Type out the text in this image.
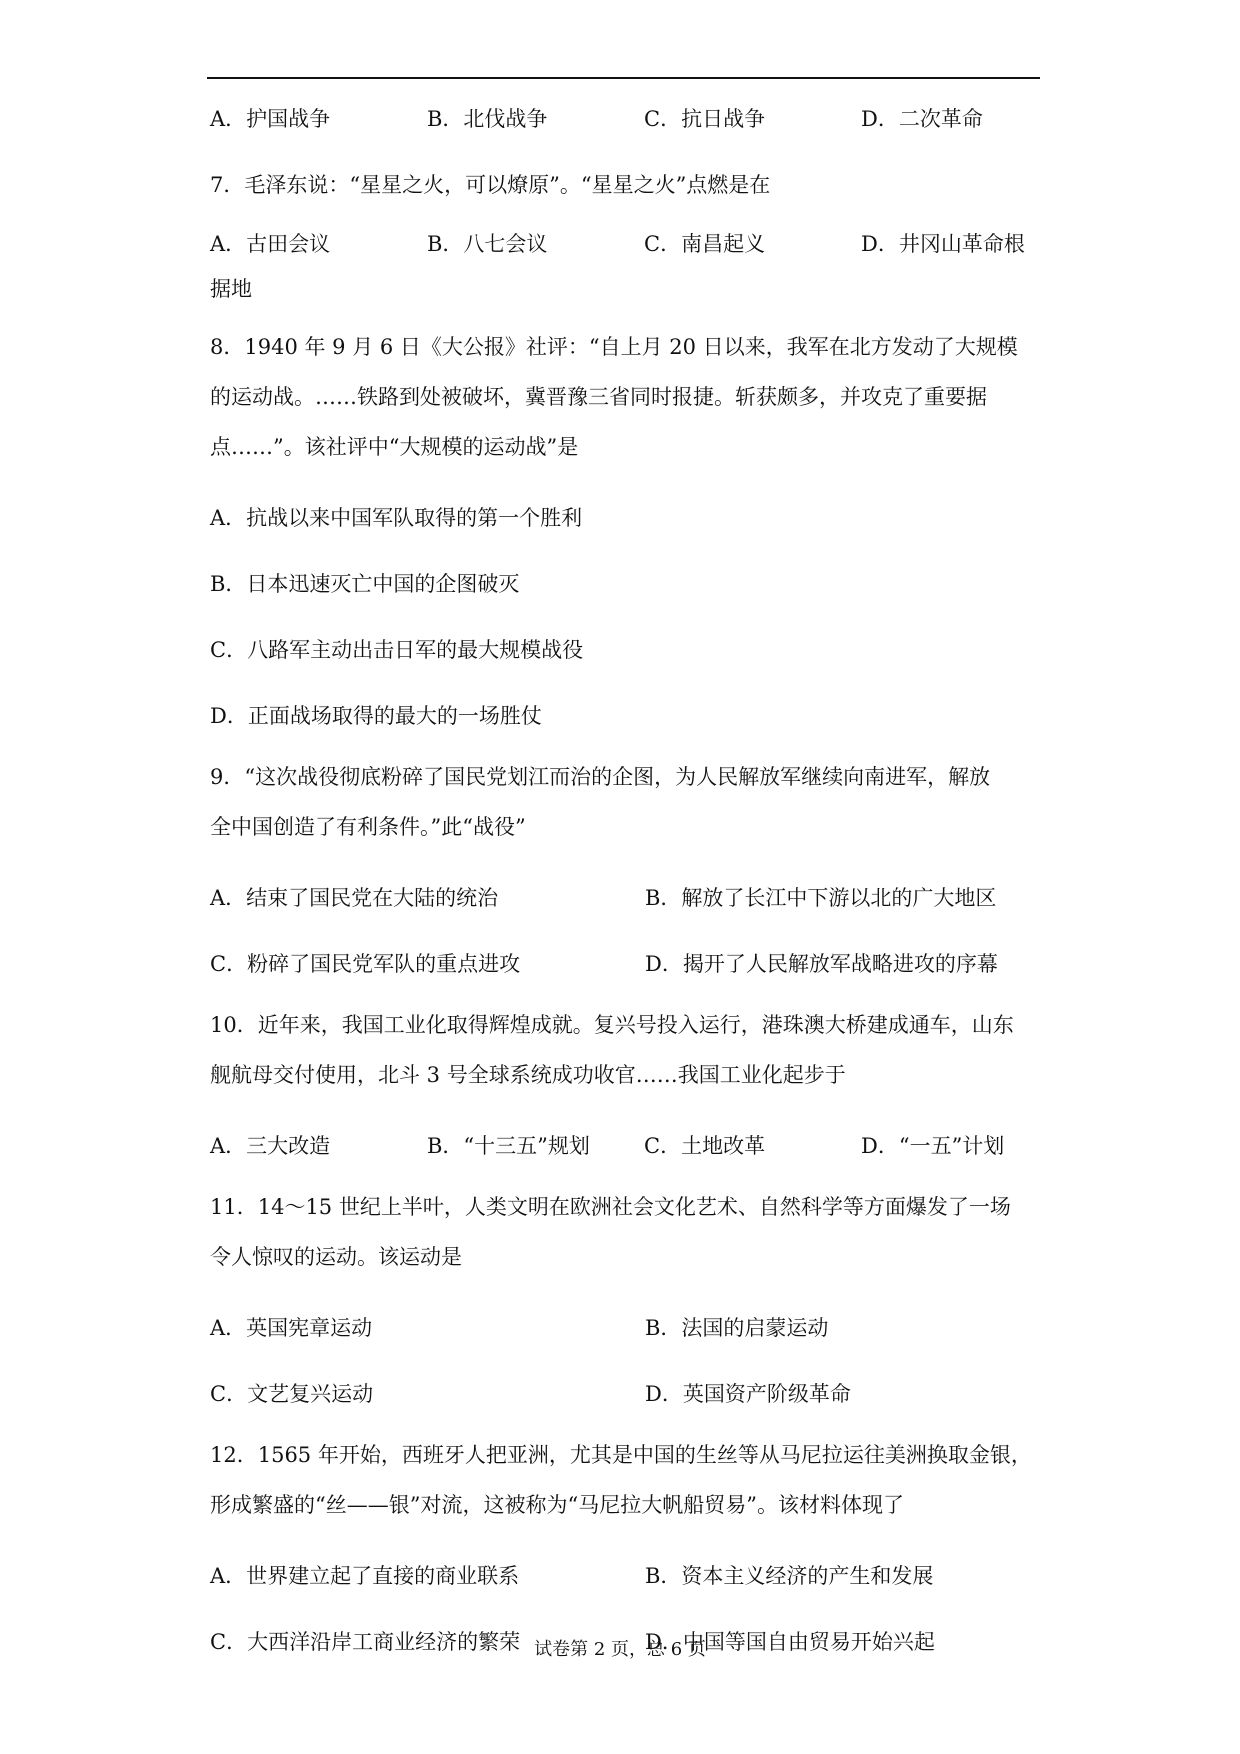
A．护国战争	B．北伐战争	C．抗日战争	D．二次革命
7．毛泽东说：“星星之火，可以燎原”。“星星之火”点燃是在
A．古田会议	B．八七会议	C．南昌起义	D．井冈山革命根
据地
8．1940 年 9 月 6 日《大公报》社评：“自上月 20 日以来，我军在北方发动了大规模
的运动战。……铁路到处被破坏，冀晋豫三省同时报捷。斩获颇多，并攻克了重要据
点……”。该社评中“大规模的运动战”是
A．抗战以来中国军队取得的第一个胜利
B．日本迅速灭亡中国的企图破灭
C．八路军主动出击日军的最大规模战役
D．正面战场取得的最大的一场胜仗
9．“这次战役彻底粉碎了国民党划江而治的企图，为人民解放军继续向南进军，解放
全中国创造了有利条件。”此“战役”
A．结束了国民党在大陆的统治	B．解放了长江中下游以北的广大地区
C．粉碎了国民党军队的重点进攻	D．揭开了人民解放军战略进攻的序幕
10．近年来，我国工业化取得辉煌成就。复兴号投入运行，港珠澳大桥建成通车，山东
舰航母交付使用，北斗 3 号全球系统成功收官……我国工业化起步于
A．三大改造	B．“十三五”规划	C．土地改革	D．“一五”计划
11．14～15 世纪上半叶，人类文明在欧洲社会文化艺术、自然科学等方面爆发了一场
令人惊叹的运动。该运动是
A．英国宪章运动	B．法国的启蒙运动
C．文艺复兴运动	D．英国资产阶级革命
12．1565 年开始，西班牙人把亚洲，尤其是中国的生丝等从马尼拉运往美洲换取金银，
形成繁盛的“丝——银”对流，这被称为“马尼拉大帆船贸易”。该材料体现了
A．世界建立起了直接的商业联系	B．资本主义经济的产生和发展
C．大西洋沿岸工商业经济的繁荣	D．中国等国自由贸易开始兴起
试卷第 2 页，总 6 页
